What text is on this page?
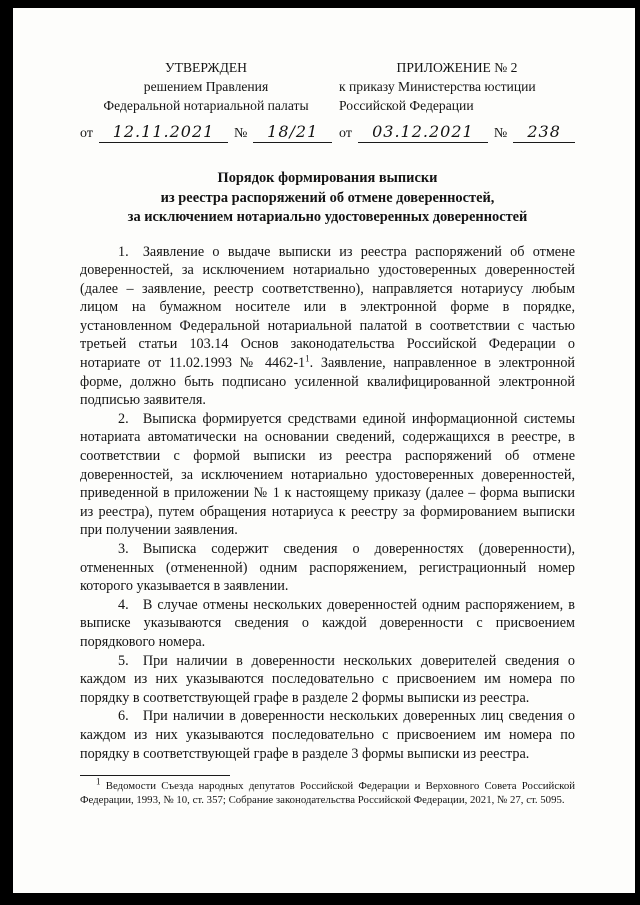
УТВЕРЖДЕН
решением Правления
Федеральной нотариальной палаты
от	12.11.2021	№	18/21
ПРИЛОЖЕНИЕ № 2
к приказу Министерства юстиции
Российской Федерации
от	03.12.2021	№	238
Порядок формирования выписки
из реестра распоряжений об отмене доверенностей,
за исключением нотариально удостоверенных доверенностей

1. Заявление о выдаче выписки из реестра распоряжений об отмене доверенностей, за исключением нотариально удостоверенных доверенностей (далее – заявление, реестр соответственно), направляется нотариусу любым лицом на бумажном носителе или в электронной форме в порядке, установленном Федеральной нотариальной палатой в соответствии с частью третьей статьи 103.14 Основ законодательства Российской Федерации о нотариате от 11.02.1993 № $4462-1^1$. Заявление, направленное в электронной форме, должно быть подписано усиленной квалифицированной электронной подписью заявителя.

2. Выписка формируется средствами единой информационной системы нотариата автоматически на основании сведений, содержащихся в реестре, в соответствии с формой выписки из реестра распоряжений об отмене доверенностей, за исключением нотариально удостоверенных доверенностей, приведенной в приложении № 1 к настоящему приказу (далее – форма выписки из реестра), путем обращения нотариуса к реестру за формированием выписки при получении заявления.

3. Выписка содержит сведения о доверенностях (доверенности), отмененных (отмененной) одним распоряжением, регистрационный номер которого указывается в заявлении.

4. В случае отмены нескольких доверенностей одним распоряжением, в выписке указываются сведения о каждой доверенности с присвоением порядкового номера.

5. При наличии в доверенности нескольких доверителей сведения о каждом из них указываются последовательно с присвоением им номера по порядку в соответствующей графе в разделе 2 формы выписки из реестра.

6. При наличии в доверенности нескольких доверенных лиц сведения о каждом из них указываются последовательно с присвоением им номера по порядку в соответствующей графе в разделе 3 формы выписки из реестра.

$^1$ Ведомости Съезда народных депутатов Российской Федерации и Верховного Совета Российской Федерации, 1993, № 10, ст. 357; Собрание законодательства Российской Федерации, 2021, № 27, ст. 5095.
